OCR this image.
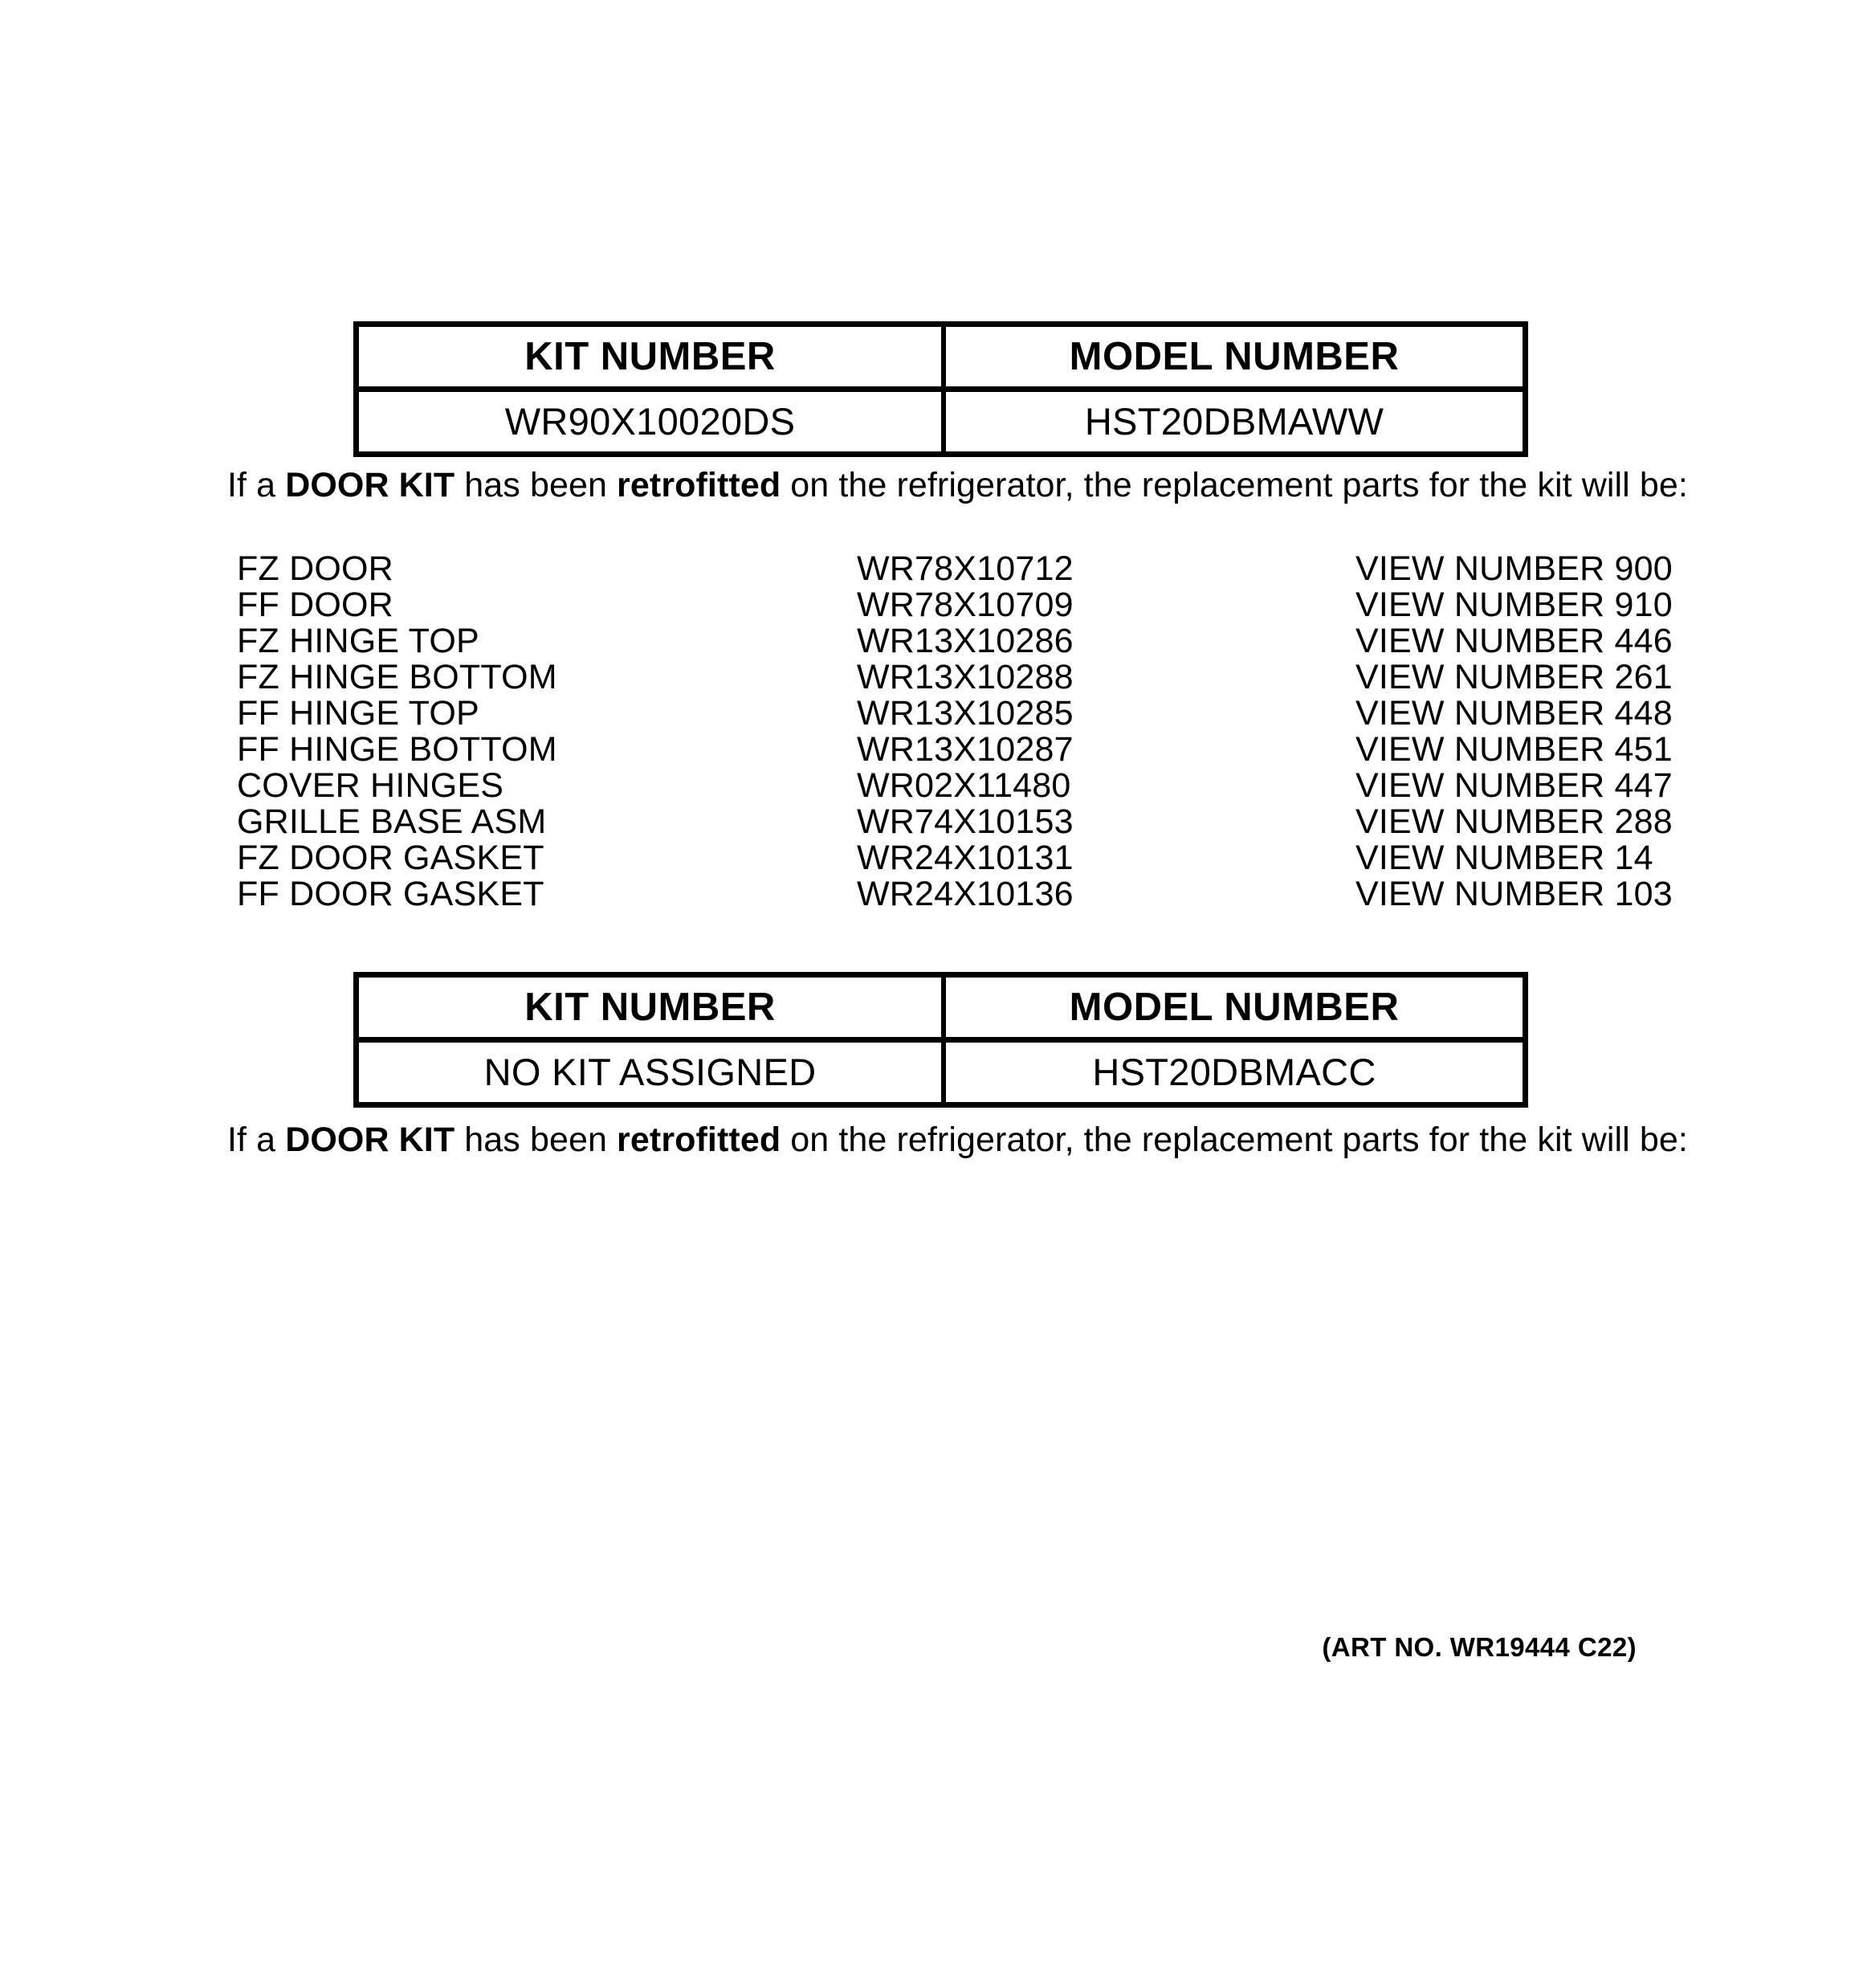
KIT NUMBER	MODEL NUMBER
WR90X10020DS	HST20DBMAWW
If a DOOR KIT has been retrofitted on the refrigerator, the replacement parts for the kit will be:
FZ DOOR	WR78X10712	VIEW NUMBER 900
FF DOOR	WR78X10709	VIEW NUMBER 910
FZ HINGE TOP	WR13X10286	VIEW NUMBER 446
FZ HINGE BOTTOM	WR13X10288	VIEW NUMBER 261
FF HINGE TOP	WR13X10285	VIEW NUMBER 448
FF HINGE BOTTOM	WR13X10287	VIEW NUMBER 451
COVER HINGES	WR02X11480	VIEW NUMBER 447
GRILLE BASE ASM	WR74X10153	VIEW NUMBER 288
FZ DOOR GASKET	WR24X10131	VIEW NUMBER 14
FF DOOR GASKET	WR24X10136	VIEW NUMBER 103
KIT NUMBER	MODEL NUMBER
NO KIT ASSIGNED	HST20DBMACC
If a DOOR KIT has been retrofitted on the refrigerator, the replacement parts for the kit will be:
(ART NO. WR19444 C22)
